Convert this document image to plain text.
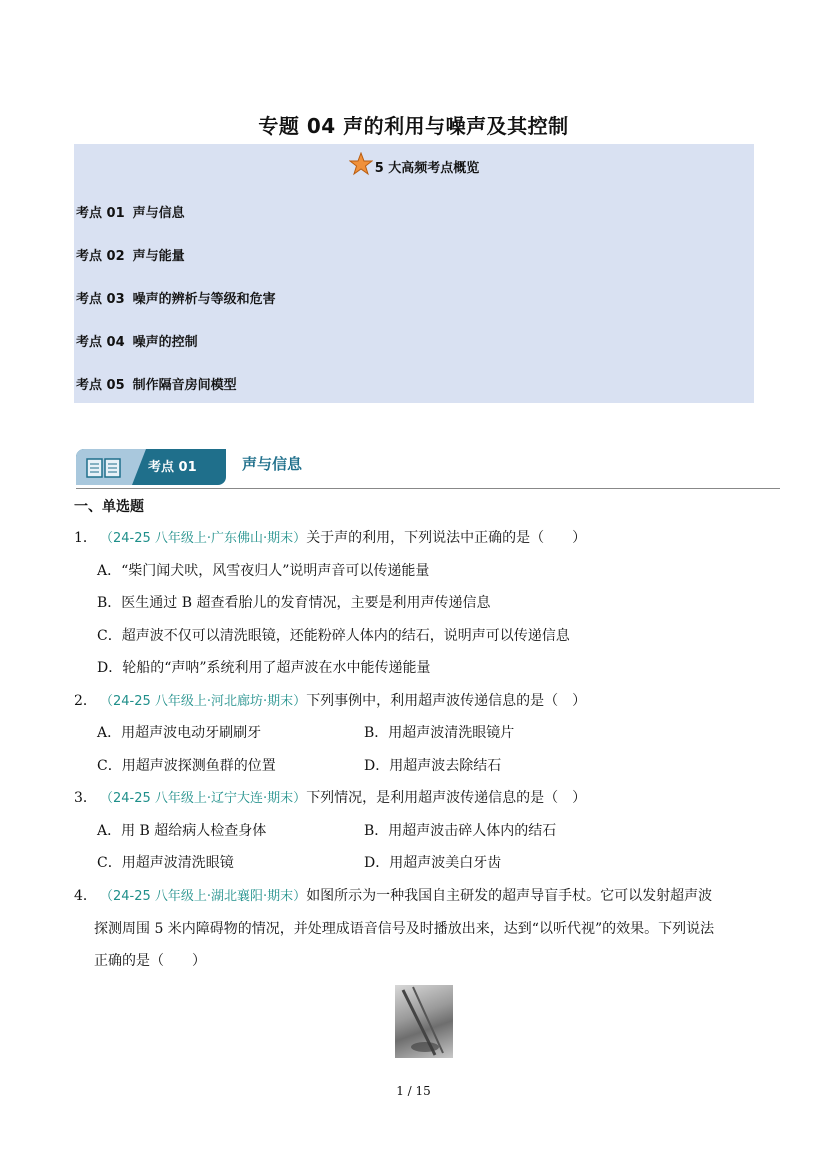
专题 04 声的利用与噪声及其控制
5 大高频考点概览
考点 01 声与信息
考点 02 声与能量
考点 03 噪声的辨析与等级和危害
考点 04 噪声的控制
考点 05 制作隔音房间模型
考点 01	声与信息
一、单选题
1． （24-25 八年级上·广东佛山·期末）关于声的利用，下列说法中正确的是（　　）
A．“柴门闻犬吠，风雪夜归人”说明声音可以传递能量
B．医生通过 B 超查看胎儿的发育情况，主要是利用声传递信息
C．超声波不仅可以清洗眼镜，还能粉碎人体内的结石，说明声可以传递信息
D．轮船的“声呐”系统利用了超声波在水中能传递能量
2． （24-25 八年级上·河北廊坊·期末）下列事例中，利用超声波传递信息的是（　）
A．用超声波电动牙刷刷牙	B．用超声波清洗眼镜片
C．用超声波探测鱼群的位置	D．用超声波去除结石
3． （24-25 八年级上·辽宁大连·期末）下列情况，是利用超声波传递信息的是（　）
A．用 B 超给病人检查身体	B．用超声波击碎人体内的结石
C．用超声波清洗眼镜	D．用超声波美白牙齿
4． （24-25 八年级上·湖北襄阳·期末）如图所示为一种我国自主研发的超声导盲手杖。它可以发射超声波
探测周围 5 米内障碍物的情况，并处理成语音信号及时播放出来，达到“以听代视”的效果。下列说法
正确的是（　　）
1 / 15
